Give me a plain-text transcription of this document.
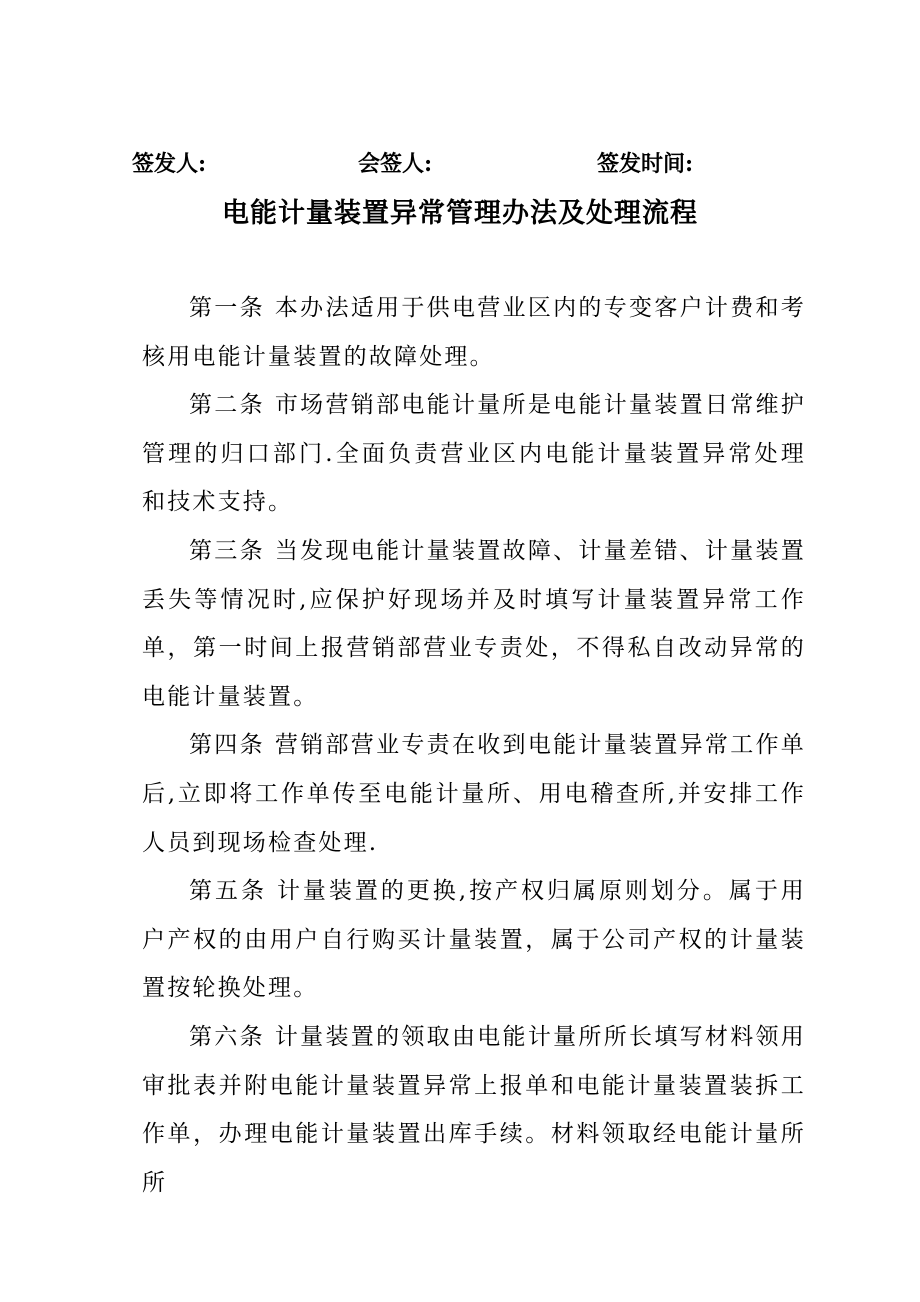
签发人:	会签人:	签发时间:
电能计量装置异常管理办法及处理流程

第一条 本办法适用于供电营业区内的专变客户计费和考核用电能计量装置的故障处理。

第二条 市场营销部电能计量所是电能计量装置日常维护管理的归口部门.全面负责营业区内电能计量装置异常处理和技术支持。

第三条 当发现电能计量装置故障、计量差错、计量装置丢失等情况时,应保护好现场并及时填写计量装置异常工作单，第一时间上报营销部营业专责处，不得私自改动异常的电能计量装置。

第四条 营销部营业专责在收到电能计量装置异常工作单后,立即将工作单传至电能计量所、用电稽查所,并安排工作人员到现场检查处理.

第五条 计量装置的更换,按产权归属原则划分。属于用户产权的由用户自行购买计量装置，属于公司产权的计量装置按轮换处理。

第六条 计量装置的领取由电能计量所所长填写材料领用审批表并附电能计量装置异常上报单和电能计量装置装拆工作单，办理电能计量装置出库手续。材料领取经电能计量所所
